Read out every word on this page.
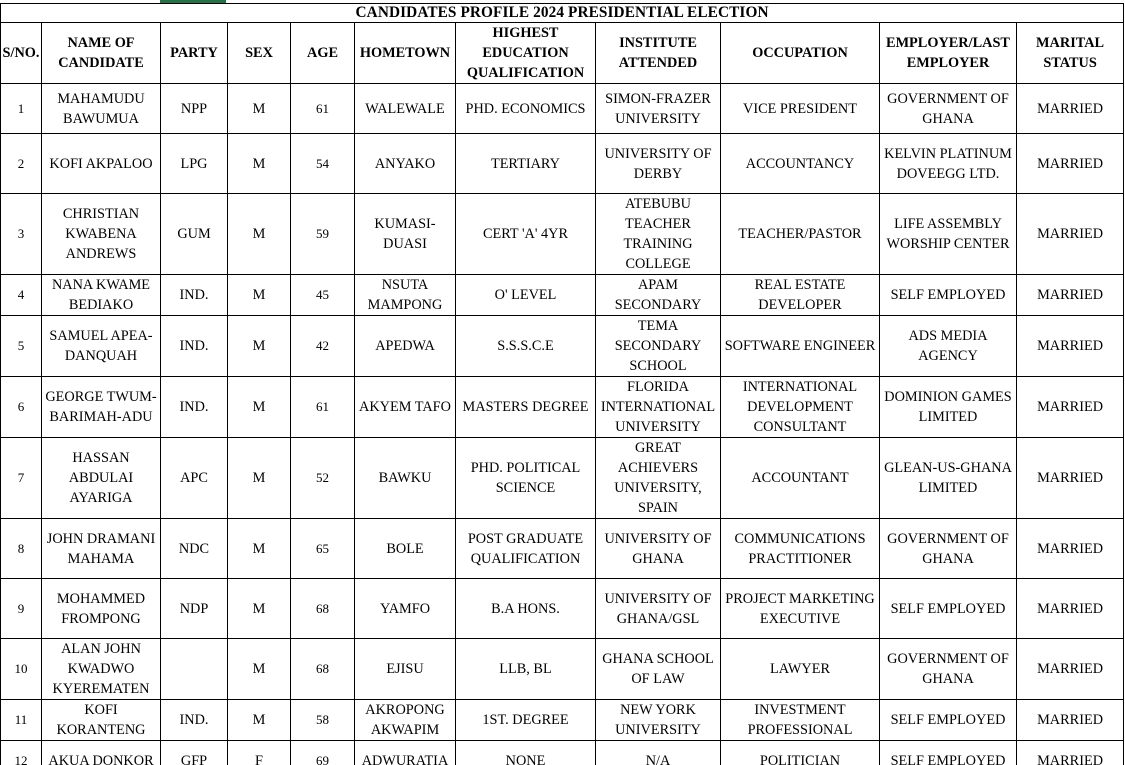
CANDIDATES PROFILE 2024 PRESIDENTIAL ELECTION										
S/NO.	NAME OF CANDIDATE	PARTY	SEX	AGE	HOMETOWN	HIGHEST EDUCATION QUALIFICATION	INSTITUTE ATTENDED	OCCUPATION	EMPLOYER/LAST EMPLOYER	MARITAL STATUS
1	MAHAMUDU BAWUMUA	NPP	M	61	WALEWALE	PHD. ECONOMICS	SIMON-FRAZER UNIVERSITY	VICE PRESIDENT	GOVERNMENT OF GHANA	MARRIED
2	KOFI AKPALOO	LPG	M	54	ANYAKO	TERTIARY	UNIVERSITY OF DERBY	ACCOUNTANCY	KELVIN PLATINUM DOVEEGG LTD.	MARRIED
3	CHRISTIAN KWABENA ANDREWS	GUM	M	59	KUMASI-DUASI	CERT 'A' 4YR	ATEBUBU TEACHER TRAINING COLLEGE	TEACHER/PASTOR	LIFE ASSEMBLY WORSHIP CENTER	MARRIED
4	NANA KWAME BEDIAKO	IND.	M	45	NSUTA MAMPONG	O' LEVEL	APAM SECONDARY	REAL ESTATE DEVELOPER	SELF EMPLOYED	MARRIED
5	SAMUEL APEA-DANQUAH	IND.	M	42	APEDWA	S.S.S.C.E	TEMA SECONDARY SCHOOL	SOFTWARE ENGINEER	ADS MEDIA AGENCY	MARRIED
6	GEORGE TWUM-BARIMAH-ADU	IND.	M	61	AKYEM TAFO	MASTERS DEGREE	FLORIDA INTERNATIONAL UNIVERSITY	INTERNATIONAL DEVELOPMENT CONSULTANT	DOMINION GAMES LIMITED	MARRIED
7	HASSAN ABDULAI AYARIGA	APC	M	52	BAWKU	PHD. POLITICAL SCIENCE	GREAT ACHIEVERS UNIVERSITY, SPAIN	ACCOUNTANT	GLEAN-US-GHANA LIMITED	MARRIED
8	JOHN DRAMANI MAHAMA	NDC	M	65	BOLE	POST GRADUATE QUALIFICATION	UNIVERSITY OF GHANA	COMMUNICATIONS PRACTITIONER	GOVERNMENT OF GHANA	MARRIED
9	MOHAMMED FROMPONG	NDP	M	68	YAMFO	B.A HONS.	UNIVERSITY OF GHANA/GSL	PROJECT MARKETING EXECUTIVE	SELF EMPLOYED	MARRIED
10	ALAN JOHN KWADWO KYEREMATEN		M	68	EJISU	LLB, BL	GHANA SCHOOL OF LAW	LAWYER	GOVERNMENT OF GHANA	MARRIED
11	KOFI KORANTENG	IND.	M	58	AKROPONG AKWAPIM	1ST. DEGREE	NEW YORK UNIVERSITY	INVESTMENT PROFESSIONAL	SELF EMPLOYED	MARRIED
12	AKUA DONKOR	GFP	F	69	ADWURATIA	NONE	N/A	POLITICIAN	SELF EMPLOYED	MARRIED
